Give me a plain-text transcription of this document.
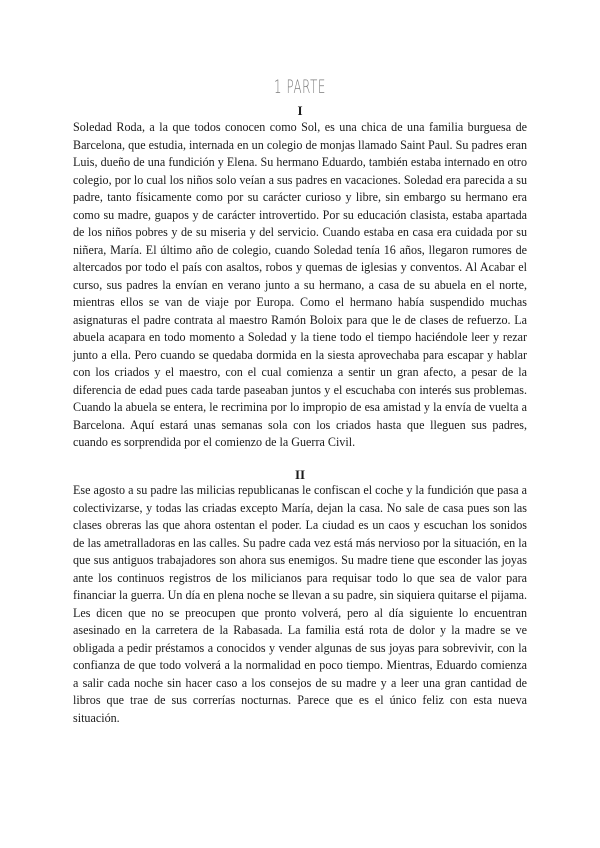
1 PARTE
I

Soledad Roda, a la que todos conocen como Sol, es una chica de una familia burguesa de Barcelona, que estudia, internada en un colegio de monjas llamado Saint Paul. Su padres eran Luis, dueño de una fundición y Elena. Su hermano Eduardo, también estaba internado en otro colegio, por lo cual los niños solo veían a sus padres en vacaciones. Soledad era parecida a su padre, tanto físicamente como por su carácter curioso y libre, sin embargo su hermano era como su madre, guapos y de carácter introvertido. Por su educación clasista, estaba apartada de los niños pobres y de su miseria y del servicio. Cuando estaba en casa era cuidada por su niñera, María. El último año de colegio, cuando Soledad tenía 16 años, llegaron rumores de altercados por todo el país con asaltos, robos y quemas de iglesias y conventos. Al Acabar el curso, sus padres la envían en verano junto a su hermano, a casa de su abuela en el norte, mientras ellos se van de viaje por Europa. Como el hermano había suspendido muchas asignaturas el padre contrata al maestro Ramón Boloix para que le de clases de refuerzo. La abuela acapara en todo momento a Soledad y la tiene todo el tiempo haciéndole leer y rezar junto a ella. Pero cuando se quedaba dormida en la siesta aprovechaba para escapar y hablar con los criados y el maestro, con el cual comienza a sentir un gran afecto, a pesar de la diferencia de edad pues cada tarde paseaban juntos y el escuchaba con interés sus problemas. Cuando la abuela se entera, le recrimina por lo impropio de esa amistad y la envía de vuelta a Barcelona. Aquí estará unas semanas sola con los criados hasta que lleguen sus padres, cuando es sorprendida por el comienzo de la Guerra Civil.

II

Ese agosto a su padre las milicias republicanas le confiscan el coche y la fundición que pasa a colectivizarse, y todas las criadas excepto María, dejan la casa. No sale de casa pues son las clases obreras las que ahora ostentan el poder. La ciudad es un caos y escuchan los sonidos de las ametralladoras en las calles. Su padre cada vez está más nervioso por la situación, en la que sus antiguos trabajadores son ahora sus enemigos. Su madre tiene que esconder las joyas ante los continuos registros de los milicianos para requisar todo lo que sea de valor para financiar la guerra. Un día en plena noche se llevan a su padre, sin siquiera quitarse el pijama. Les dicen que no se preocupen que pronto volverá, pero al día siguiente lo encuentran asesinado en la carretera de la Rabasada. La familia está rota de dolor y la madre se ve obligada a pedir préstamos a conocidos y vender algunas de sus joyas para sobrevivir, con la confianza de que todo volverá a la normalidad en poco tiempo. Mientras, Eduardo comienza a salir cada noche sin hacer caso a los consejos de su madre y a leer una gran cantidad de libros que trae de sus correrías nocturnas. Parece que es el único feliz con esta nueva situación.
